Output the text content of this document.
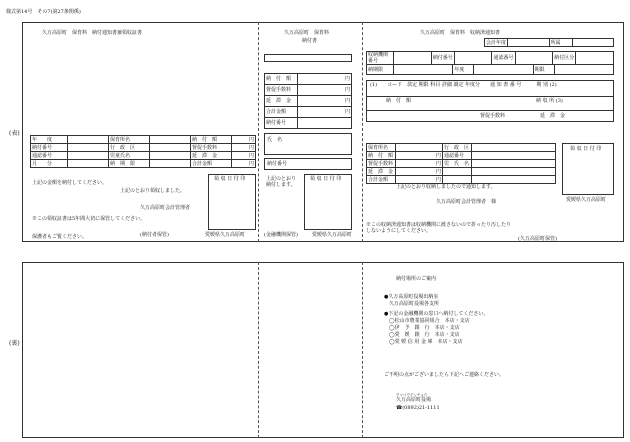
様式第14号　その7(第27条関係)
(表)
久万高原町　保育料　納付通知書兼領収証書
年　　度		保育所名		納　付　額	円
納付番号		行　政　区		督促手数料	円
通認番号		児童氏名		延　滞　金	円
月　　分		納　期　限		合計金額	円
上記の金額を納付してください。
上記のとおり領収しました。
久万高原町会計管理者
領 収 日 付 印
※この領収証書は5年間大切に保管してください。
保護者もご覧ください。	(納付者保管)	愛媛県久万高原町
久万高原町　保育料
納付書
納　付　額	円
督促手数料	円
延　滞　金	円
合計金額	円
納付番号	
氏　名
納付番号
上記のとおり納付します。
領 収 日 付 印
(金融機関保管)	愛媛県久万高原町
久万高原町　保育料　収納済通知書
会計年度		所属	
収納機関番号		納付番号		通認番号		納付区分	
納期限		年度		期限	
(1)　　コード　款定 期限 科目 詳細 調定 年度分　　通 知 書 番 号　　　期 別 (2)
納　付　額	納 収 所 (3)
督促手数料	延　滞　金
保育所名		行　政　区	
納　付　額	円	通認番号	
督促手数料	円	児　氏　名	
延　滞　金	円		
合計金額	円		
領 収 日 付 印
上記のとおり収納しましたので通知します。
久万高原町会計管理者　様	愛媛県久万高原町
※この収納済通知書は収納機関に渡さないので折ったり汚したりしないようにしてください。
(久万高原町保管)
(裏)
納付場所のご案内
●久万高原町役場出納室
久万高原町役場各支所
●下記の金融機関の窓口へ納付してください。
◯松山市農業協同組合　本店・支店
◯伊　予　銀　行　本店・支店
◯愛　媛　銀　行　本店・支店
◯愛 媛 信 用 金 庫　本店・支店
ご不明の点がございましたら下記へご連絡ください。
クマコウゲンチョウ
久万高原町役場
☎(0892)21-1111
